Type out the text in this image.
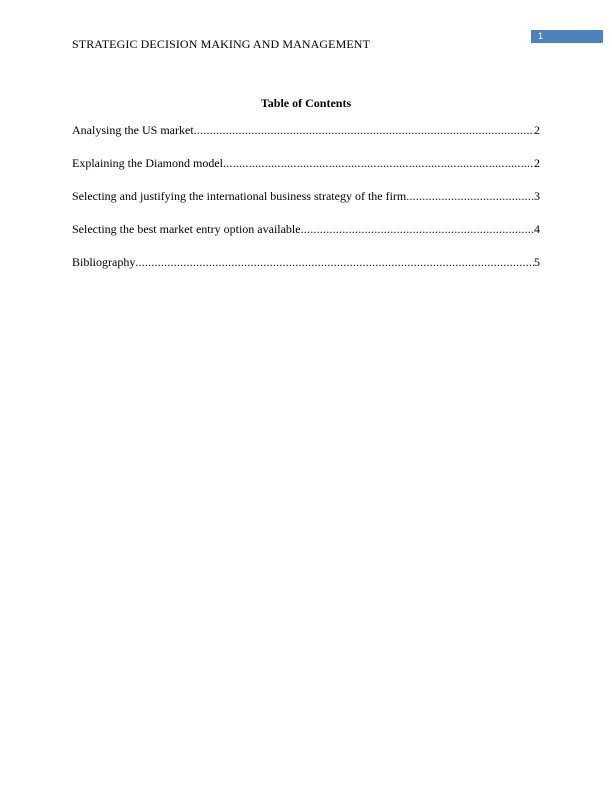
STRATEGIC DECISION MAKING AND MANAGEMENT
1
Table of Contents
Analysing the US market .....	2
Explaining the Diamond model .....	2
Selecting and justifying the international business strategy of the firm .....	3
Selecting the best market entry option available .....	4
Bibliography .....	5
